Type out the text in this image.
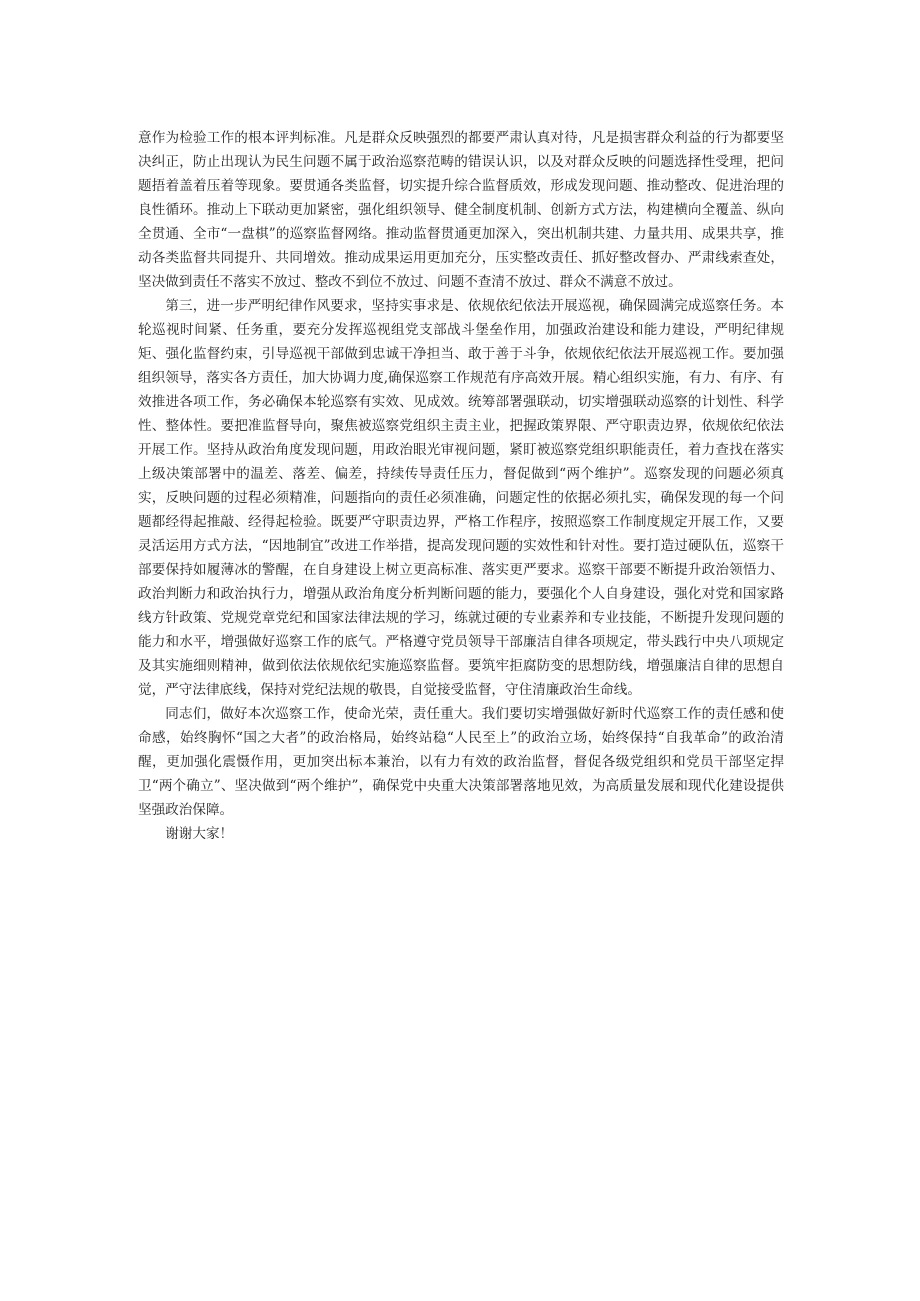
意作为检验工作的根本评判标准。凡是群众反映强烈的都要严肃认真对待，凡是损害群众利益的行为都要坚决纠正，防止出现认为民生问题不属于政治巡察范畴的错误认识，以及对群众反映的问题选择性受理，把问题捂着盖着压着等现象。要贯通各类监督，切实提升综合监督质效，形成发现问题、推动整改、促进治理的良性循环。推动上下联动更加紧密，强化组织领导、健全制度机制、创新方式方法，构建横向全覆盖、纵向全贯通、全市“一盘棋”的巡察监督网络。推动监督贯通更加深入，突出机制共建、力量共用、成果共享，推动各类监督共同提升、共同增效。推动成果运用更加充分，压实整改责任、抓好整改督办、严肃线索查处，坚决做到责任不落实不放过、整改不到位不放过、问题不查清不放过、群众不满意不放过。

第三，进一步严明纪律作风要求，坚持实事求是、依规依纪依法开展巡视，确保圆满完成巡察任务。本轮巡视时间紧、任务重，要充分发挥巡视组党支部战斗堡垒作用，加强政治建设和能力建设，严明纪律规矩、强化监督约束，引导巡视干部做到忠诚干净担当、敢于善于斗争，依规依纪依法开展巡视工作。要加强组织领导，落实各方责任，加大协调力度,确保巡察工作规范有序高效开展。精心组织实施，有力、有序、有效推进各项工作，务必确保本轮巡察有实效、见成效。统筹部署强联动，切实增强联动巡察的计划性、科学性、整体性。要把准监督导向，聚焦被巡察党组织主责主业，把握政策界限、严守职责边界，依规依纪依法开展工作。坚持从政治角度发现问题，用政治眼光审视问题，紧盯被巡察党组织职能责任，着力查找在落实上级决策部署中的温差、落差、偏差，持续传导责任压力，督促做到“两个维护”。巡察发现的问题必须真实，反映问题的过程必须精准，问题指向的责任必须准确，问题定性的依据必须扎实，确保发现的每一个问题都经得起推敲、经得起检验。既要严守职责边界，严格工作程序，按照巡察工作制度规定开展工作，又要灵活运用方式方法，“因地制宜”改进工作举措，提高发现问题的实效性和针对性。要打造过硬队伍，巡察干部要保持如履薄冰的警醒，在自身建设上树立更高标准、落实更严要求。巡察干部要不断提升政治领悟力、政治判断力和政治执行力，增强从政治角度分析判断问题的能力，要强化个人自身建设，强化对党和国家路线方针政策、党规党章党纪和国家法律法规的学习，练就过硬的专业素养和专业技能，不断提升发现问题的能力和水平，增强做好巡察工作的底气。严格遵守党员领导干部廉洁自律各项规定，带头践行中央八项规定及其实施细则精神，做到依法依规依纪实施巡察监督。要筑牢拒腐防变的思想防线，增强廉洁自律的思想自觉，严守法律底线，保持对党纪法规的敬畏，自觉接受监督，守住清廉政治生命线。

同志们，做好本次巡察工作，使命光荣，责任重大。我们要切实增强做好新时代巡察工作的责任感和使命感，始终胸怀“国之大者”的政治格局，始终站稳“人民至上”的政治立场，始终保持“自我革命”的政治清醒，更加强化震慑作用，更加突出标本兼治，以有力有效的政治监督，督促各级党组织和党员干部坚定捍卫“两个确立”、坚决做到“两个维护”，确保党中央重大决策部署落地见效，为高质量发展和现代化建设提供坚强政治保障。

谢谢大家！
